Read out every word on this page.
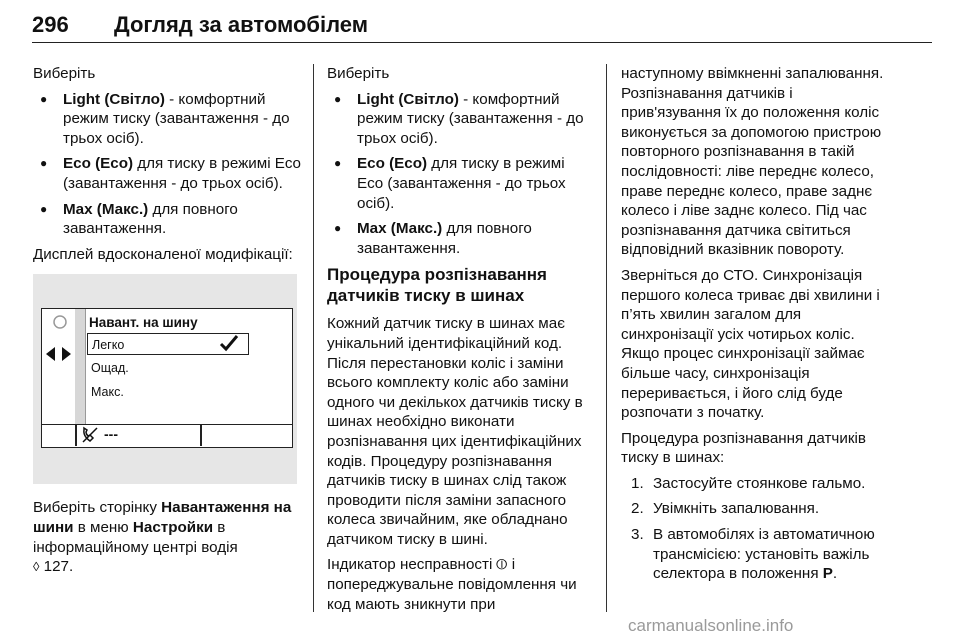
296 Догляд за автомобілем

Виберіть

● Light (Світло) - комфортний режим тиску (завантаження - до трьох осіб).
● Eco (Eco) для тиску в режимі Eco (завантаження - до трьох осіб).
● Max (Макс.) для повного завантаження.

Дисплей вдосконаленої модифікації:

Навант. на шину
Легко
Ощад.
Макс.
---

Виберіть сторінку Навантаження на шини в меню Настройки в інформаційному центрі водія
◊ 127.

Виберіть

● Light (Світло) - комфортний режим тиску (завантаження - до трьох осіб).
● Eco (Eco) для тиску в режимі Eco (завантаження - до трьох осіб).
● Max (Макс.) для повного завантаження.
Процедура розпізнавання датчиків тиску в шинах

Кожний датчик тиску в шинах має унікальний ідентифікаційний код. Після перестановки коліс і заміни всього комплекту коліс або заміни одного чи декількох датчиків тиску в шинах необхідно виконати розпізнавання цих ідентифікаційних кодів. Процедуру розпізнавання датчиків тиску в шинах слід також проводити після заміни запасного колеса звичайним, яке обладнано датчиком тиску в шині.

Індикатор несправності ⦶ і попереджувальне повідомлення чи код мають зникнути при

наступному ввімкненні запалювання. Розпізнавання датчиків і прив'язування їх до положення коліс виконується за допомогою пристрою повторного розпізнавання в такій послідовності: ліве переднє колесо, праве переднє колесо, праве заднє колесо і ліве заднє колесо. Під час розпізнавання датчика світиться відповідний вказівник повороту.

Зверніться до СТО. Синхронізація першого колеса триває дві хвилини і п’ять хвилин загалом для синхронізації усіх чотирьох коліс. Якщо процес синхронізації займає більше часу, синхронізація переривається, і його слід буде розпочати з початку.

Процедура розпізнавання датчиків тиску в шинах:

1. Застосуйте стоянкове гальмо.
2. Увімкніть запалювання.
3. В автомобілях із автоматичною трансмісією: установіть важіль селектора в положення P.
carmanualsonline.info
